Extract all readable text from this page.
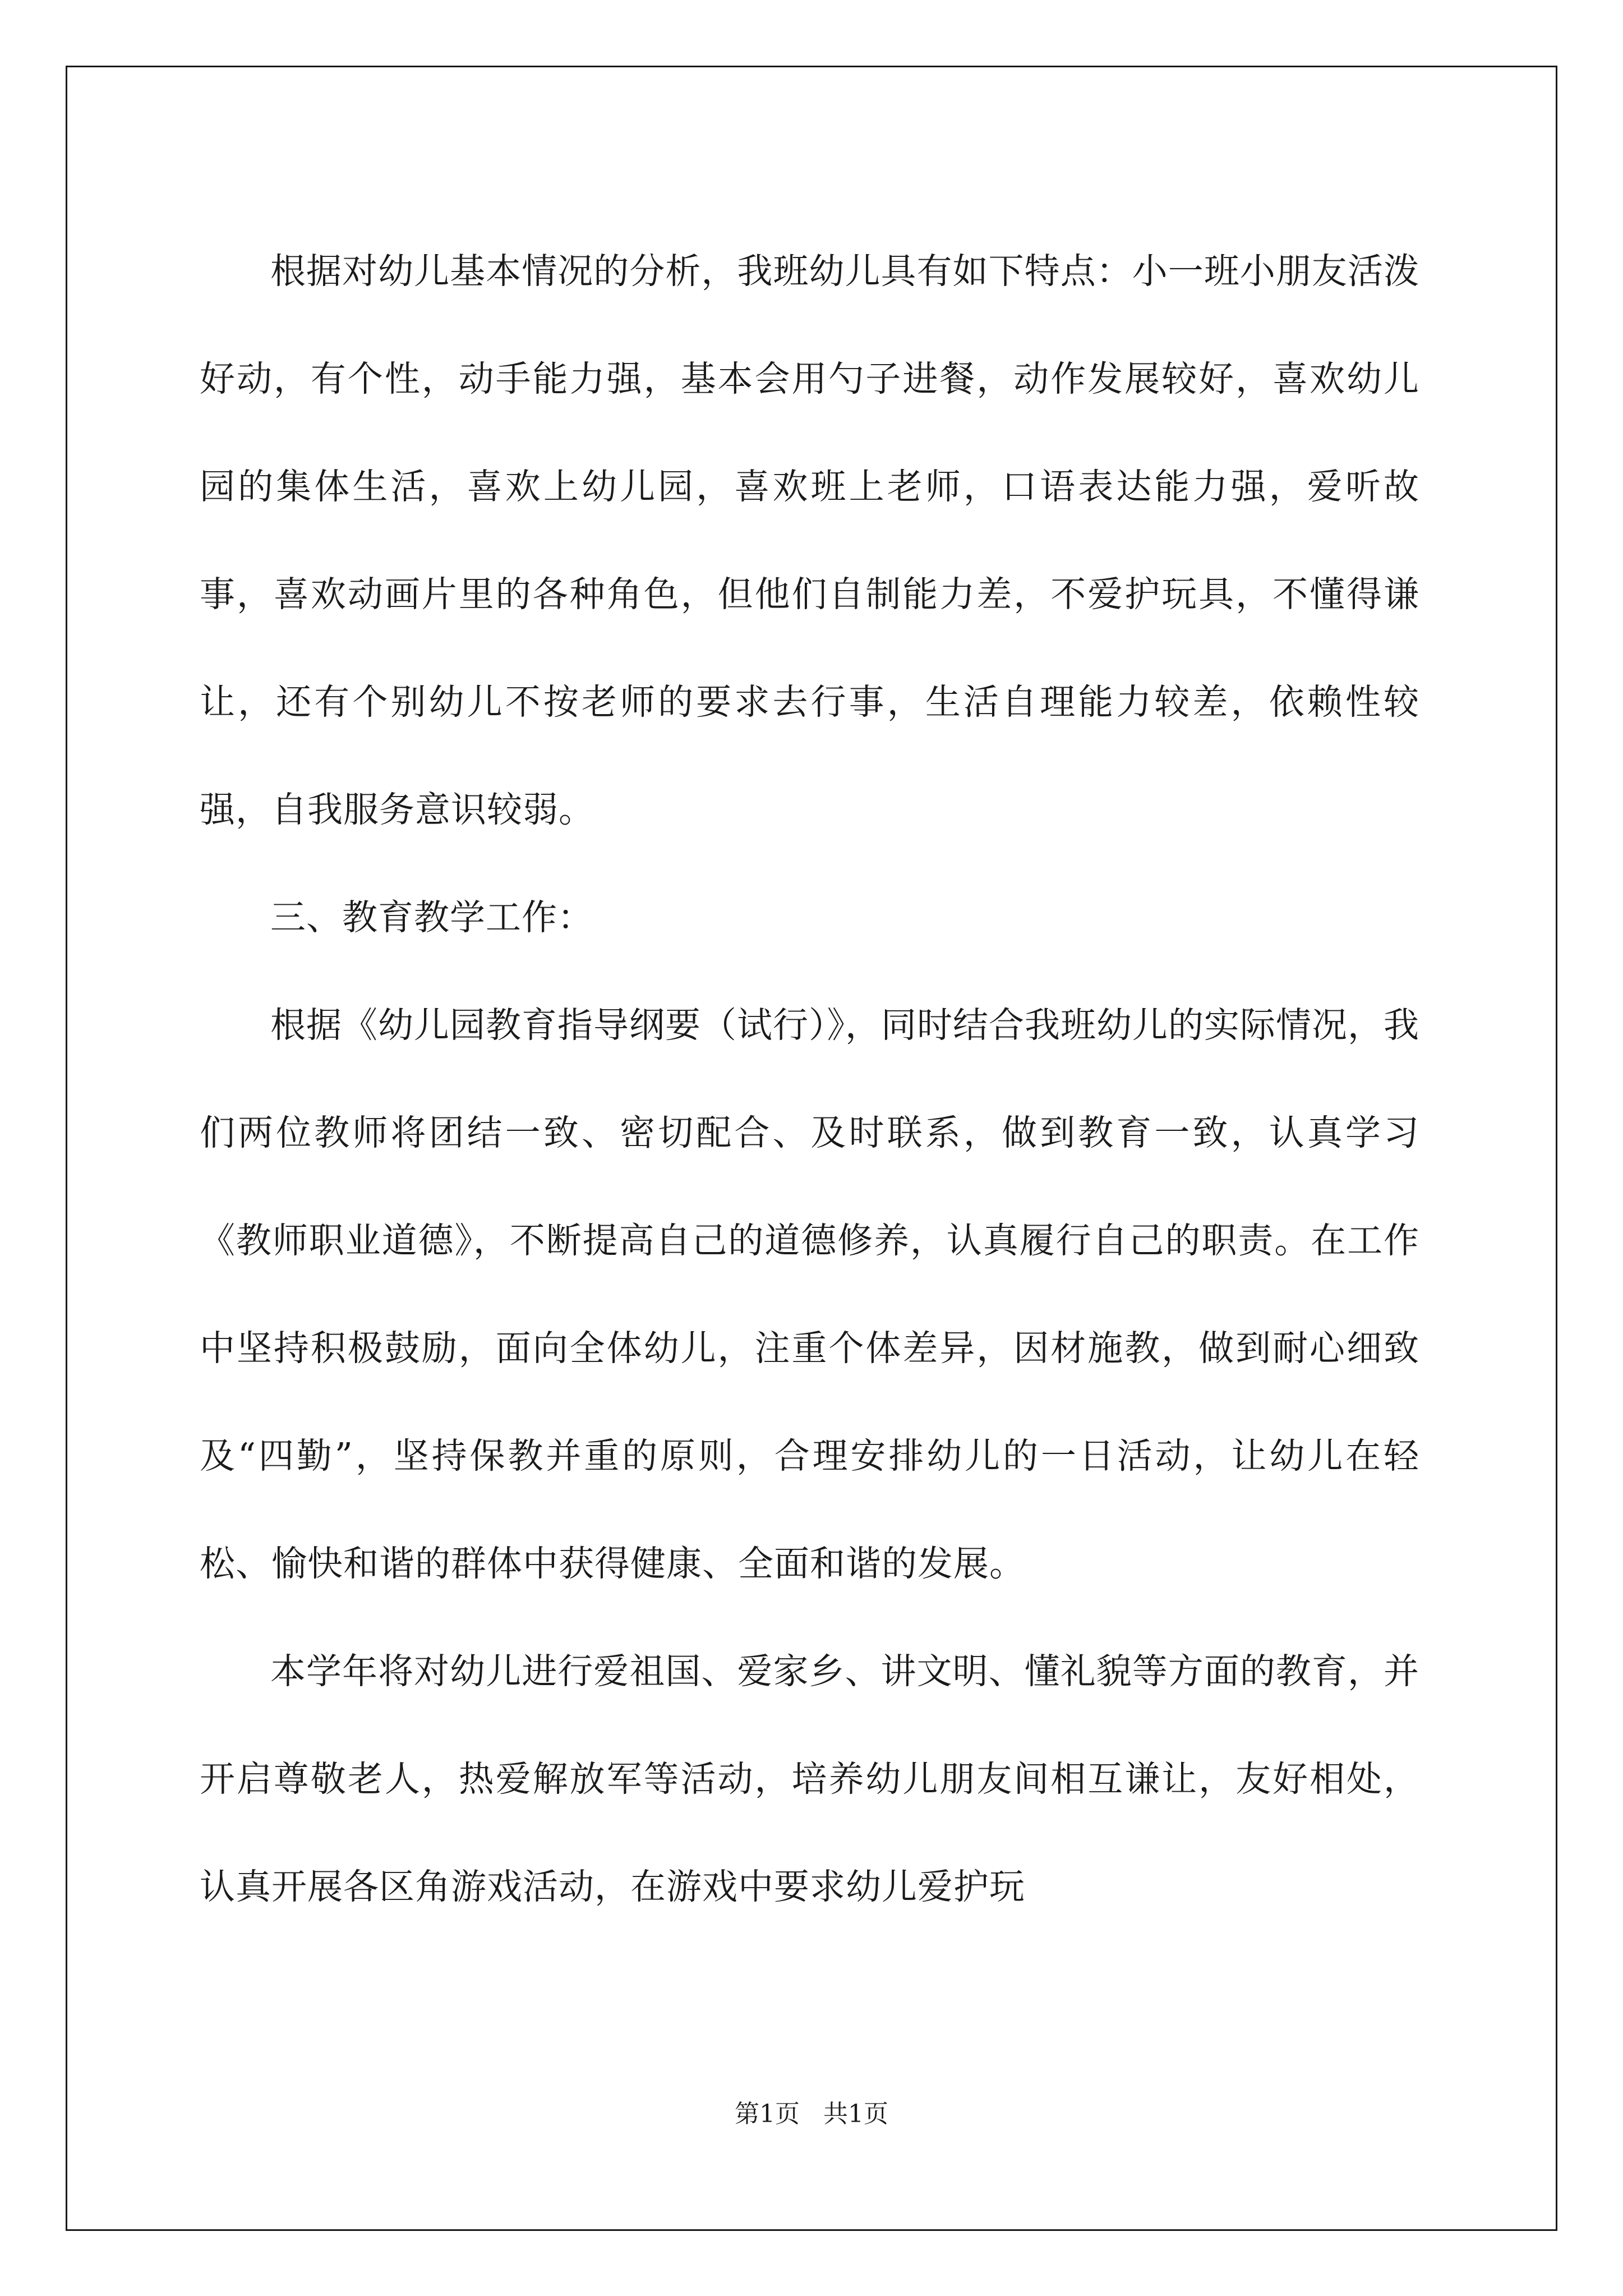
根据对幼儿基本情况的分析，我班幼儿具有如下特点：小一班小朋友活泼好动，有个性，动手能力强，基本会用勺子进餐，动作发展较好，喜欢幼儿园的集体生活，喜欢上幼儿园，喜欢班上老师，口语表达能力强，爱听故事，喜欢动画片里的各种角色，但他们自制能力差，不爱护玩具，不懂得谦让，还有个别幼儿不按老师的要求去行事，生活自理能力较差，依赖性较强，自我服务意识较弱。

三、教育教学工作：

根据《幼儿园教育指导纲要（试行）》，同时结合我班幼儿的实际情况，我们两位教师将团结一致、密切配合、及时联系，做到教育一致，认真学习《教师职业道德》，不断提高自己的道德修养，认真履行自己的职责。在工作中坚持积极鼓励，面向全体幼儿，注重个体差异，因材施教，做到耐心细致及“四勤”，坚持保教并重的原则，合理安排幼儿的一日活动，让幼儿在轻松、愉快和谐的群体中获得健康、全面和谐的发展。

本学年将对幼儿进行爱祖国、爱家乡、讲文明、懂礼貌等方面的教育，并开启尊敬老人，热爱解放军等活动，培养幼儿朋友间相互谦让，友好相处，认真开展各区角游戏活动，在游戏中要求幼儿爱护玩

第1页   共1页
